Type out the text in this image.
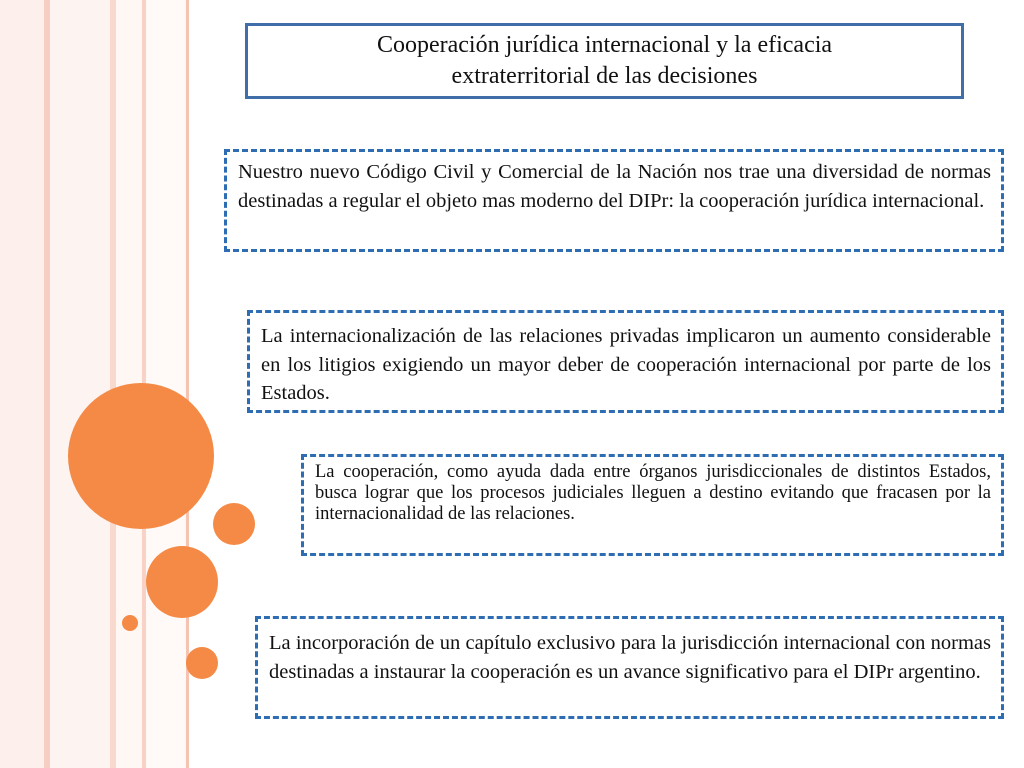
Cooperación jurídica internacional y la eficacia
extraterritorial de las decisiones
Nuestro nuevo Código Civil y Comercial de la Nación nos trae una diversidad de normas destinadas a regular el objeto mas moderno del DIPr: la cooperación jurídica internacional.
La internacionalización de las relaciones privadas implicaron un aumento considerable en los litigios exigiendo un mayor deber de cooperación internacional por parte de los Estados.
La cooperación, como ayuda dada entre órganos jurisdiccionales de distintos Estados, busca lograr que los procesos judiciales lleguen a destino evitando que fracasen por la internacionalidad de las relaciones.
La incorporación de un capítulo exclusivo para la jurisdicción internacional con normas destinadas a instaurar la cooperación es un avance significativo para el DIPr argentino.
